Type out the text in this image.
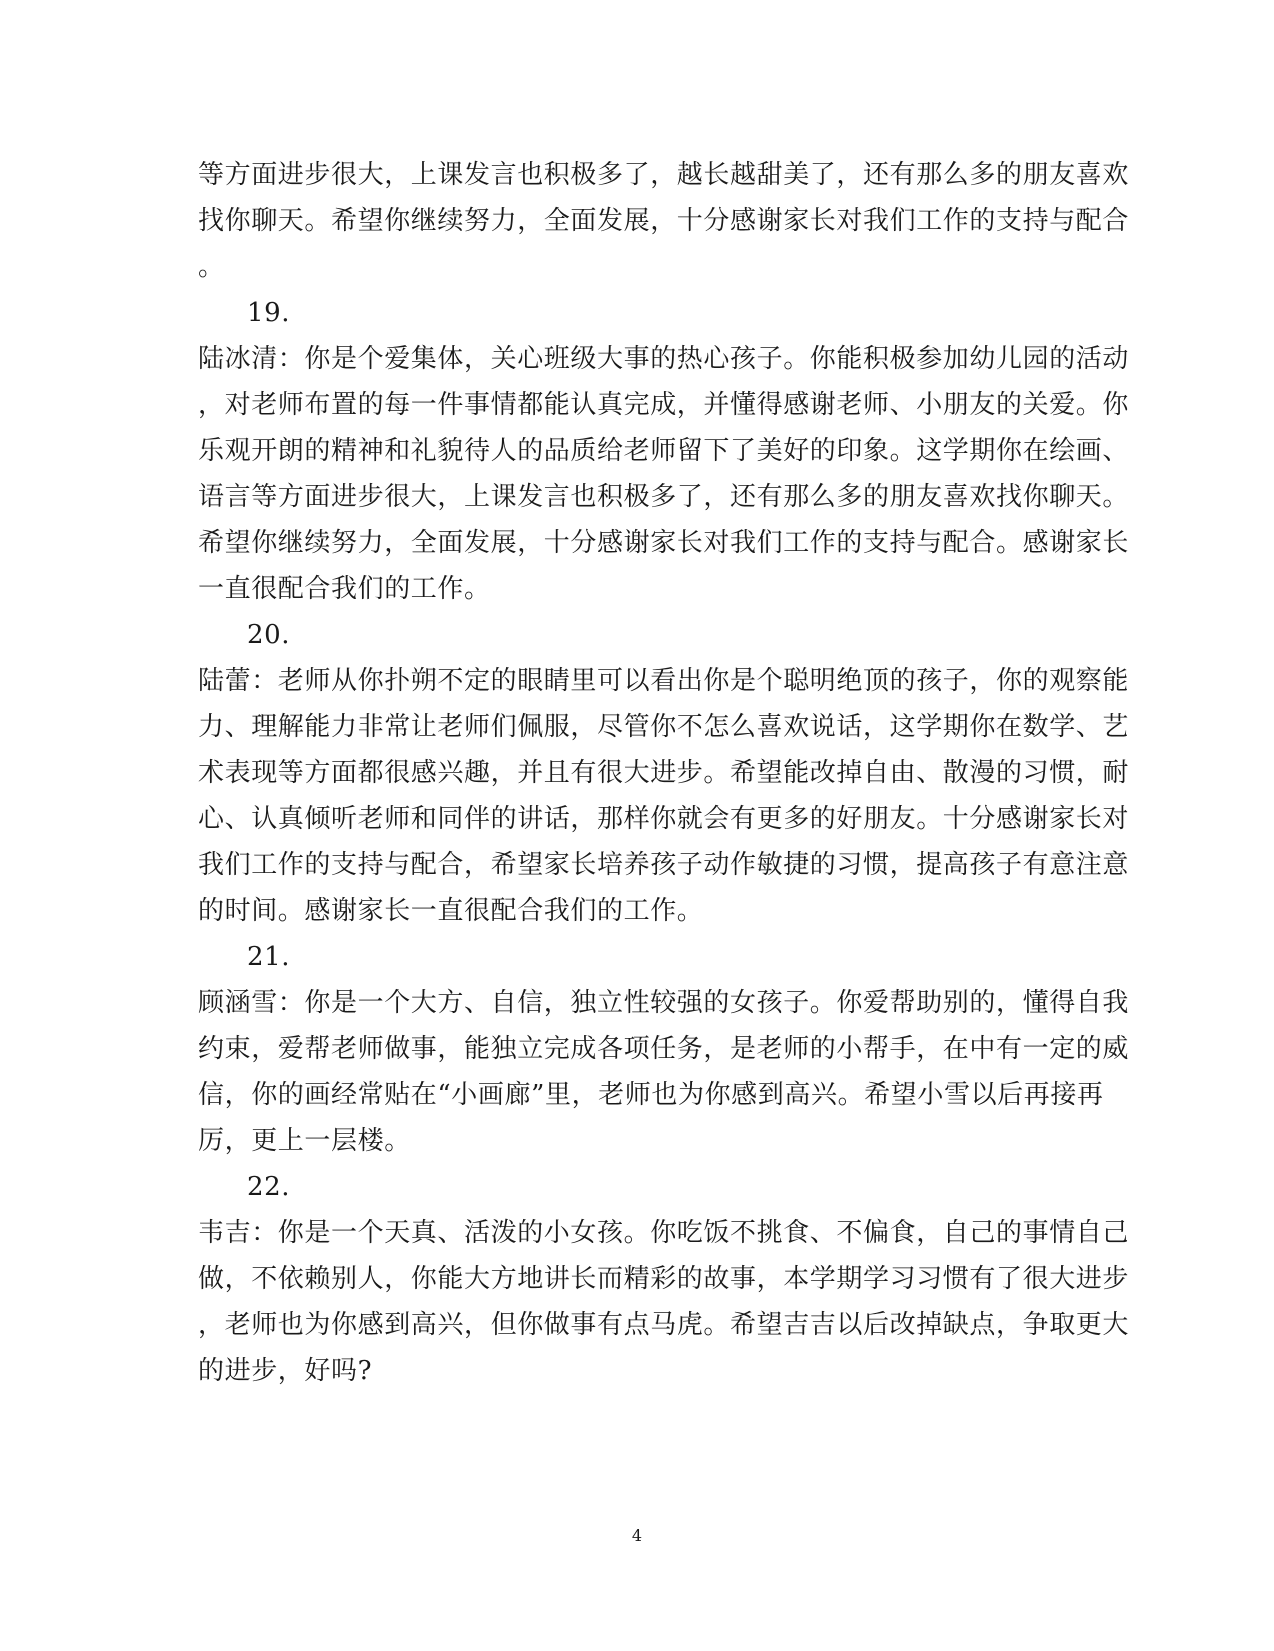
等方面进步很大，上课发言也积极多了，越长越甜美了，还有那么多的朋友喜欢
找你聊天。希望你继续努力，全面发展，十分感谢家长对我们工作的支持与配合
。
19.
陆冰清：你是个爱集体，关心班级大事的热心孩子。你能积极参加幼儿园的活动
，对老师布置的每一件事情都能认真完成，并懂得感谢老师、小朋友的关爱。你
乐观开朗的精神和礼貌待人的品质给老师留下了美好的印象。这学期你在绘画、
语言等方面进步很大，上课发言也积极多了，还有那么多的朋友喜欢找你聊天。
希望你继续努力，全面发展，十分感谢家长对我们工作的支持与配合。感谢家长
一直很配合我们的工作。
20.
陆蕾：老师从你扑朔不定的眼睛里可以看出你是个聪明绝顶的孩子，你的观察能
力、理解能力非常让老师们佩服，尽管你不怎么喜欢说话，这学期你在数学、艺
术表现等方面都很感兴趣，并且有很大进步。希望能改掉自由、散漫的习惯，耐
心、认真倾听老师和同伴的讲话，那样你就会有更多的好朋友。十分感谢家长对
我们工作的支持与配合，希望家长培养孩子动作敏捷的习惯，提高孩子有意注意
的时间。感谢家长一直很配合我们的工作。
21.
顾涵雪：你是一个大方、自信，独立性较强的女孩子。你爱帮助别的，懂得自我
约束，爱帮老师做事，能独立完成各项任务，是老师的小帮手，在中有一定的威
信，你的画经常贴在“小画廊”里，老师也为你感到高兴。希望小雪以后再接再
厉，更上一层楼。
22.
韦吉：你是一个天真、活泼的小女孩。你吃饭不挑食、不偏食，自己的事情自己
做，不依赖别人，你能大方地讲长而精彩的故事，本学期学习习惯有了很大进步
，老师也为你感到高兴，但你做事有点马虎。希望吉吉以后改掉缺点，争取更大
的进步，好吗?
4
